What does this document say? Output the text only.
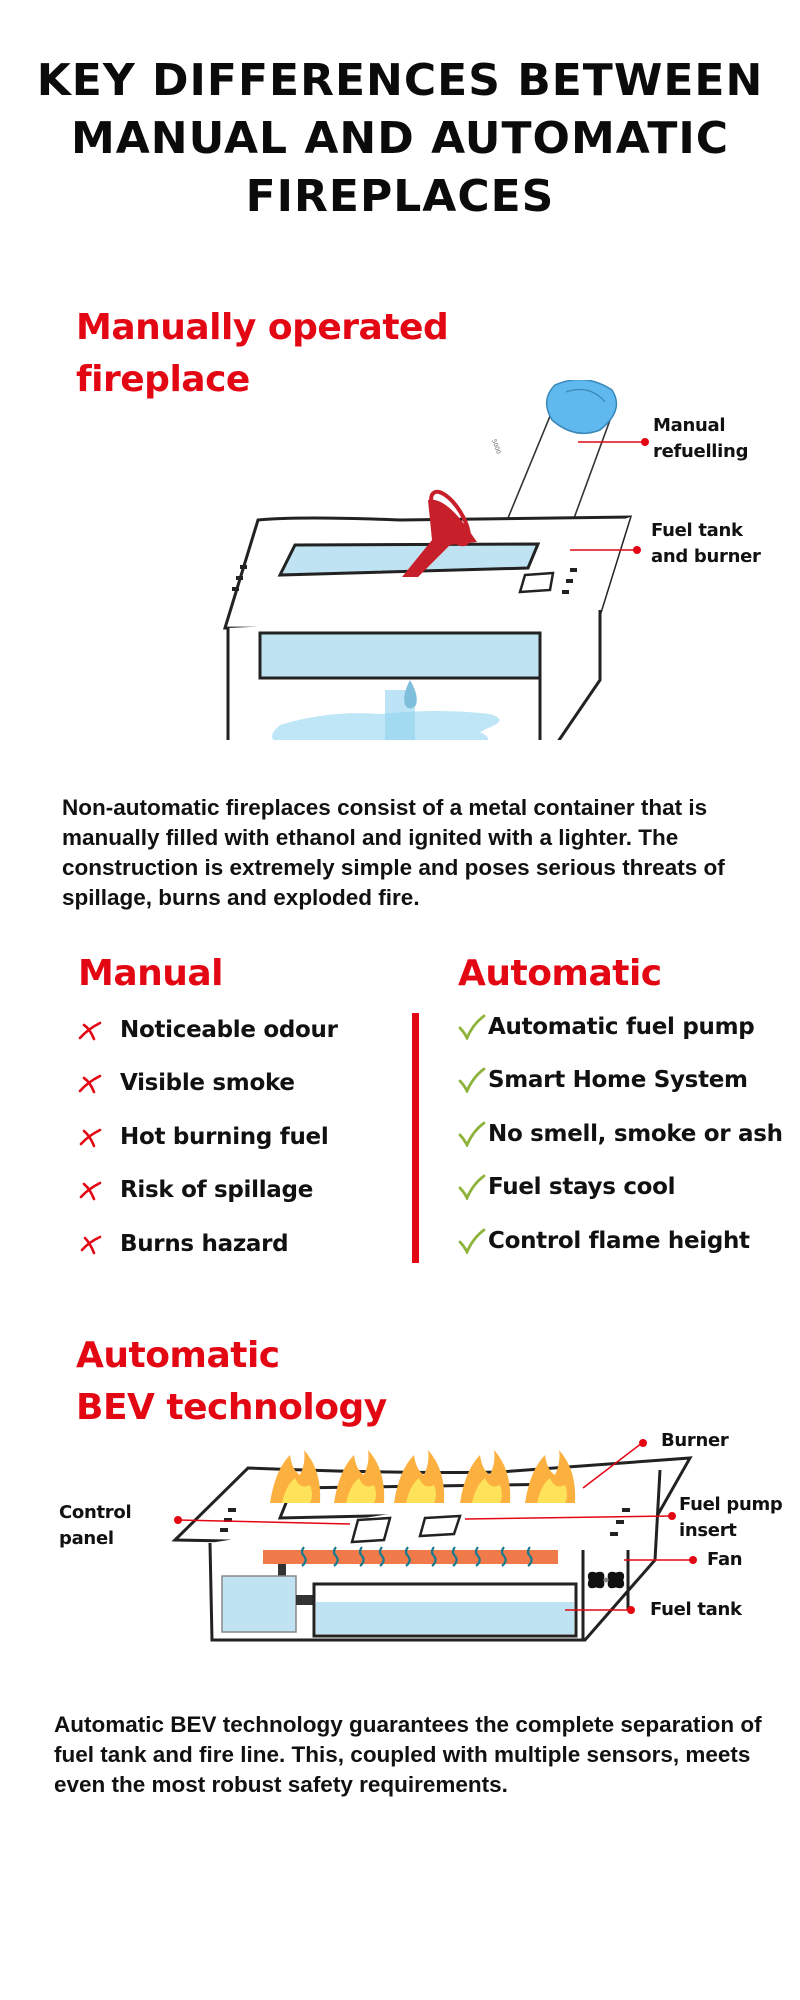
KEY DIFFERENCES BETWEEN
MANUAL AND AUTOMATIC
FIREPLACES
Manually operated
fireplace
5000
Manual
refuelling
Fuel tank
and burner

Non-automatic fireplaces consist of a metal container that is manually filled with ethanol and ignited with a lighter. The construction is extremely simple and poses serious threats of spillage, burns and exploded fire.

Manual	Automatic
Noticeable odour
Visible smoke
Hot burning fuel
Risk of spillage
Burns hazard
Automatic fuel pump
Smart Home System
No smell, smoke or ash
Fuel stays cool
Control flame height
Automatic
BEV technology
Burner
Control
panel
Fuel pump
insert
Fan
Fuel tank

Automatic BEV technology guarantees the complete separation of fuel tank and fire line. This, coupled with multiple sensors, meets even the most robust safety requirements.
